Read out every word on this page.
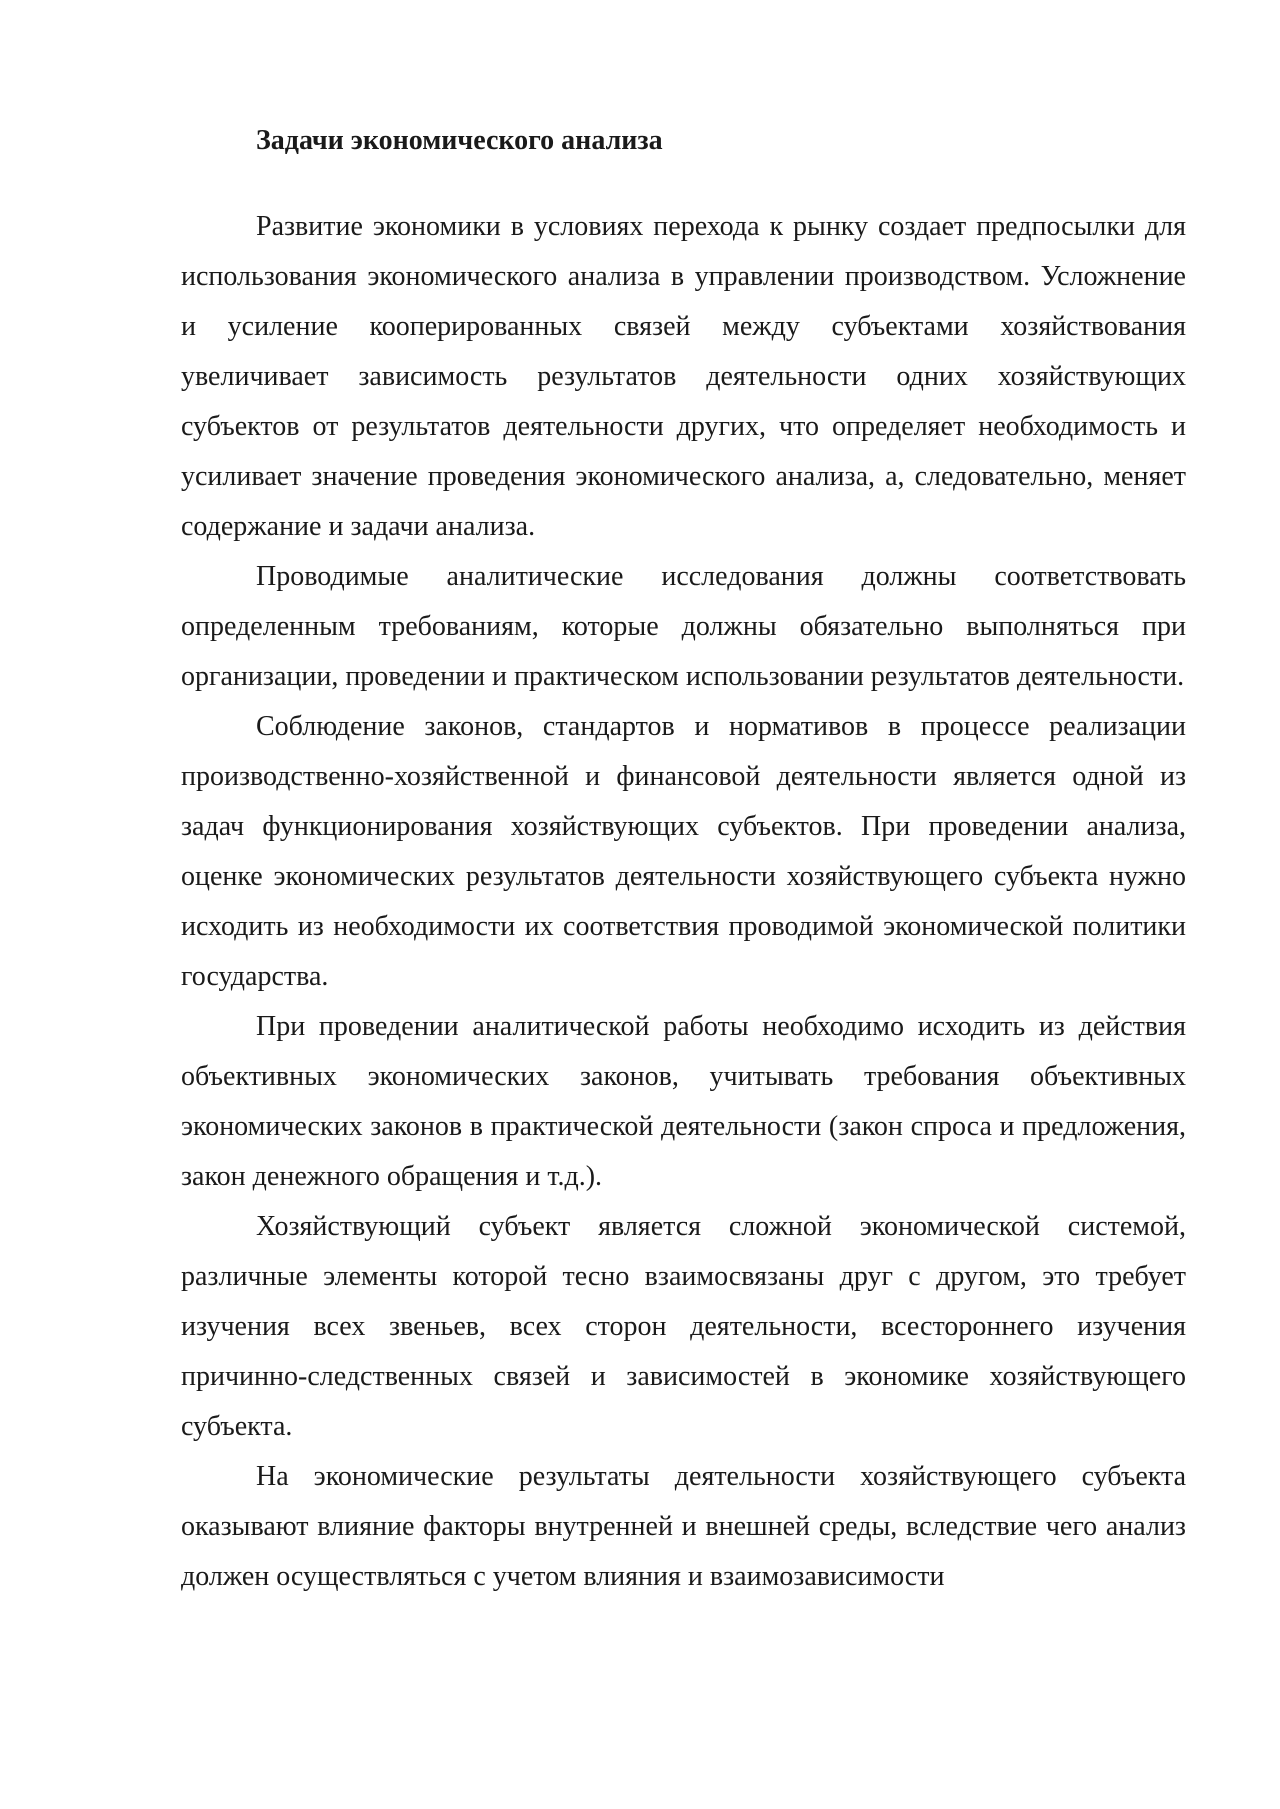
Задачи экономического анализа

Развитие экономики в условиях перехода к рынку создает предпосылки для использования экономического анализа в управлении производством. Усложнение и усиление кооперированных связей между субъектами хозяйствования увеличивает зависимость результатов деятельности одних хозяйствующих субъектов от результатов деятельности других, что определяет необходимость и усиливает значение проведения экономического анализа, а, следовательно, меняет содержание и задачи анализа.

Проводимые аналитические исследования должны соответствовать определенным требованиям, которые должны обязательно выполняться при организации, проведении и практическом использовании результатов деятельности.

Соблюдение законов, стандартов и нормативов в процессе реализации производственно-хозяйственной и финансовой деятельности является одной из задач функционирования хозяйствующих субъектов. При проведении анализа, оценке экономических результатов деятельности хозяйствующего субъекта нужно исходить из необходимости их соответствия проводимой экономической политики государства.

При проведении аналитической работы необходимо исходить из действия объективных экономических законов, учитывать требования объективных экономических законов в практической деятельности (закон спроса и предложения, закон денежного обращения и т.д.).

Хозяйствующий субъект является сложной экономической системой, различные элементы которой тесно взаимосвязаны друг с другом, это требует изучения всех звеньев, всех сторон деятельности, всестороннего изучения причинно-следственных связей и зависимостей в экономике хозяйствующего субъекта.

На экономические результаты деятельности хозяйствующего субъекта оказывают влияние факторы внутренней и внешней среды, вследствие чего анализ должен осуществляться с учетом влияния и взаимозависимости
